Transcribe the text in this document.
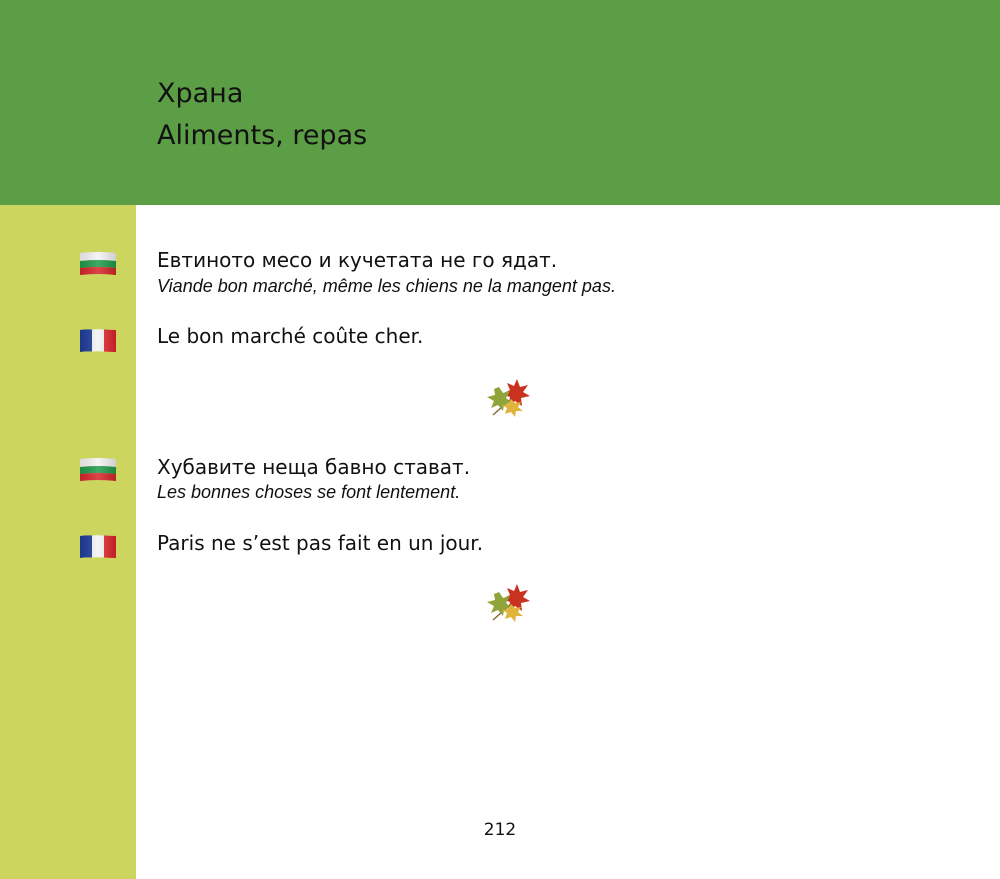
Храна
Aliments, repas
Евтиното месо и кучетата не го ядат.
Viande bon marché, même les chiens ne la mangent pas.
Le bon marché coûte cher.
Хубавите неща бавно стават.
Les bonnes choses se font lentement.
Paris ne s’est pas fait en un jour.
212
